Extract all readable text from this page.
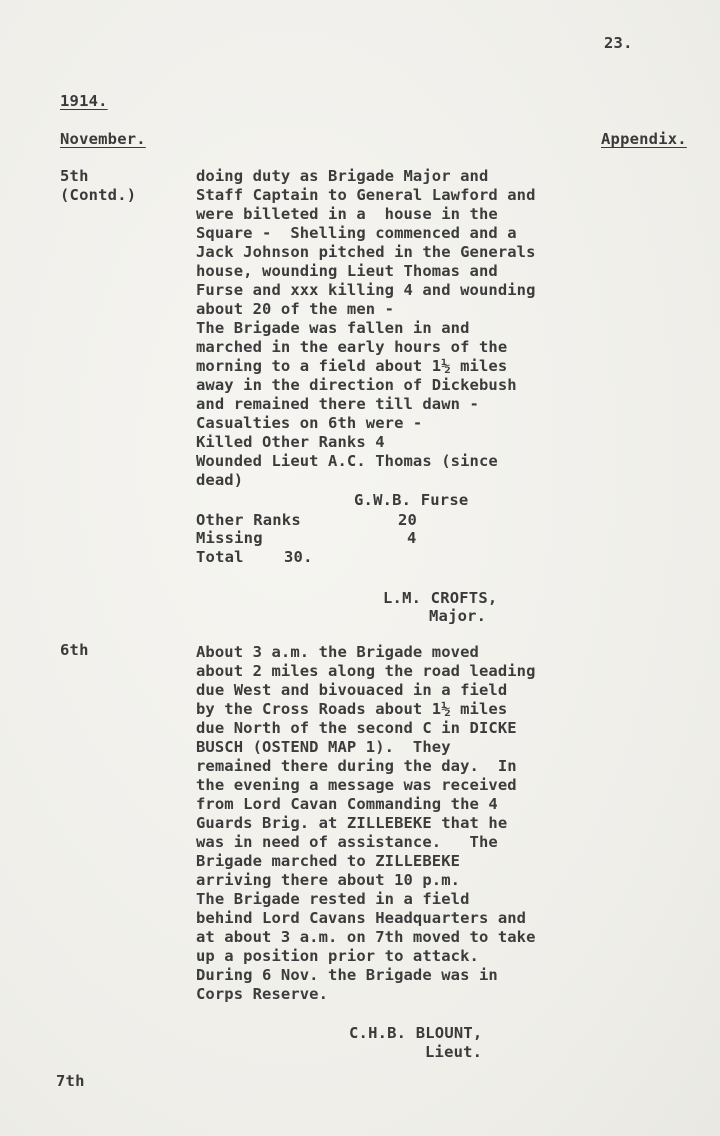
23.
1914.
November.	Appendix.
5th
(Contd.)
doing duty as Brigade Major and
Staff Captain to General Lawford and
were billeted in a  house in the
Square -  Shelling commenced and a
Jack Johnson pitched in the Generals
house, wounding Lieut Thomas and
Furse and xxx killing 4 and wounding
about 20 of the men -
The Brigade was fallen in and
marched in the early hours of the
morning to a field about 1½ miles
away in the direction of Dickebush
and remained there till dawn -
Casualties on 6th were -
Killed Other Ranks 4
Wounded Lieut A.C. Thomas (since
dead)
G.W.B. Furse
Other Ranks	20
Missing	4
Total	30.
L.M. CROFTS,
Major.
6th	About 3 a.m. the Brigade moved
about 2 miles along the road leading
due West and bivouaced in a field
by the Cross Roads about 1½ miles
due North of the second C in DICKE
BUSCH (OSTEND MAP 1).  They
remained there during the day.  In
the evening a message was received
from Lord Cavan Commanding the 4
Guards Brig. at ZILLEBEKE that he
was in need of assistance.   The
Brigade marched to ZILLEBEKE
arriving there about 10 p.m.
The Brigade rested in a field
behind Lord Cavans Headquarters and
at about 3 a.m. on 7th moved to take
up a position prior to attack.
During 6 Nov. the Brigade was in
Corps Reserve.
C.H.B. BLOUNT,
Lieut.
7th
